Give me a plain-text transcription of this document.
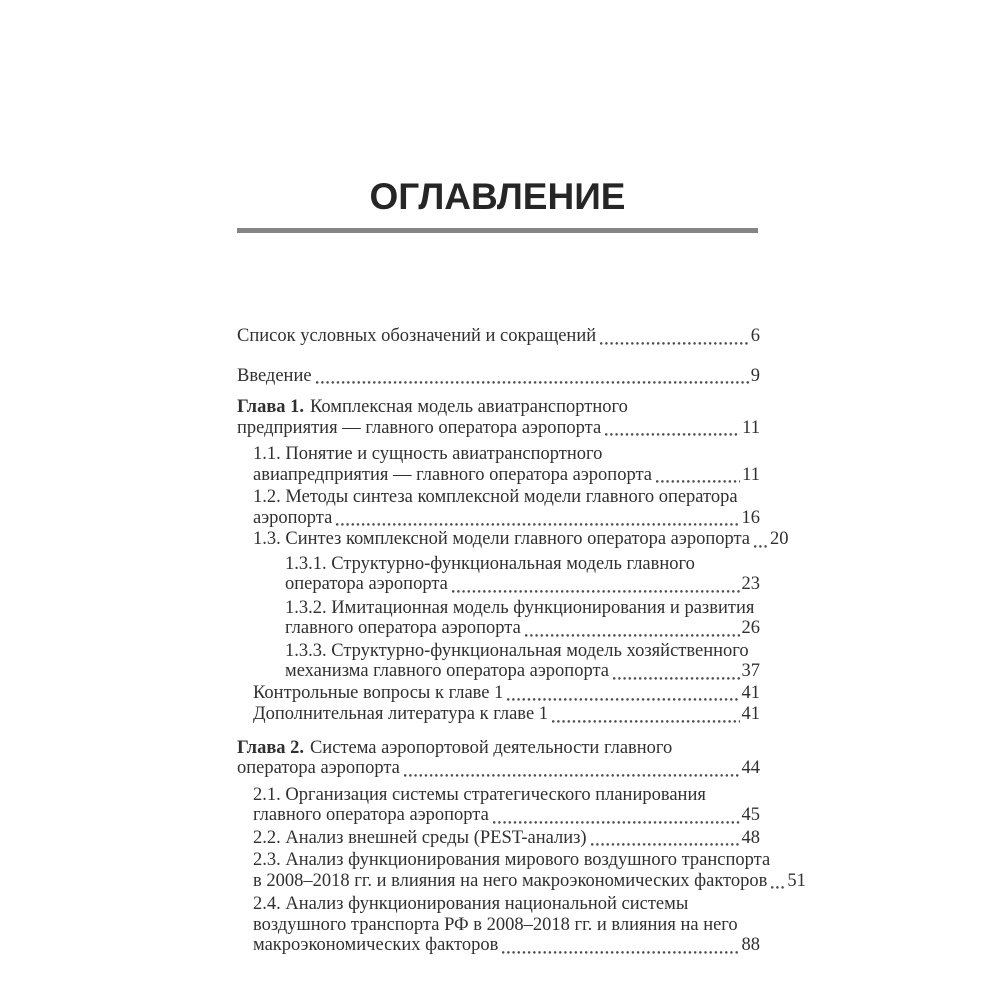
ОГЛАВЛЕНИЕ
Список условных обозначений и сокращений	6
Введение	9
Глава 1. Комплексная модель авиатранспортного
предприятия — главного оператора аэропорта	11
1.1. Понятие и сущность авиатранспортного
авиапредприятия — главного оператора аэропорта	11
1.2. Методы синтеза комплексной модели главного оператора
аэропорта	16
1.3. Синтез комплексной модели главного оператора аэропорта 20
1.3.1. Структурно-функциональная модель главного
оператора аэропорта	23
1.3.2. Имитационная модель функционирования и развития
главного оператора аэропорта	26
1.3.3. Структурно-функциональная модель хозяйственного
механизма главного оператора аэропорта	37
Контрольные вопросы к главе 1	41
Дополнительная литература к главе 1	41
Глава 2. Система аэропортовой деятельности главного
оператора аэропорта	44
2.1. Организация системы стратегического планирования
главного оператора аэропорта	45
2.2. Анализ внешней среды (PEST-анализ)	48
2.3. Анализ функционирования мирового воздушного транспорта
в 2008–2018 гг. и влияния на него макроэкономических факторов 51
2.4. Анализ функционирования национальной системы
воздушного транспорта РФ в 2008–2018 гг. и влияния на него
макроэкономических факторов	88
